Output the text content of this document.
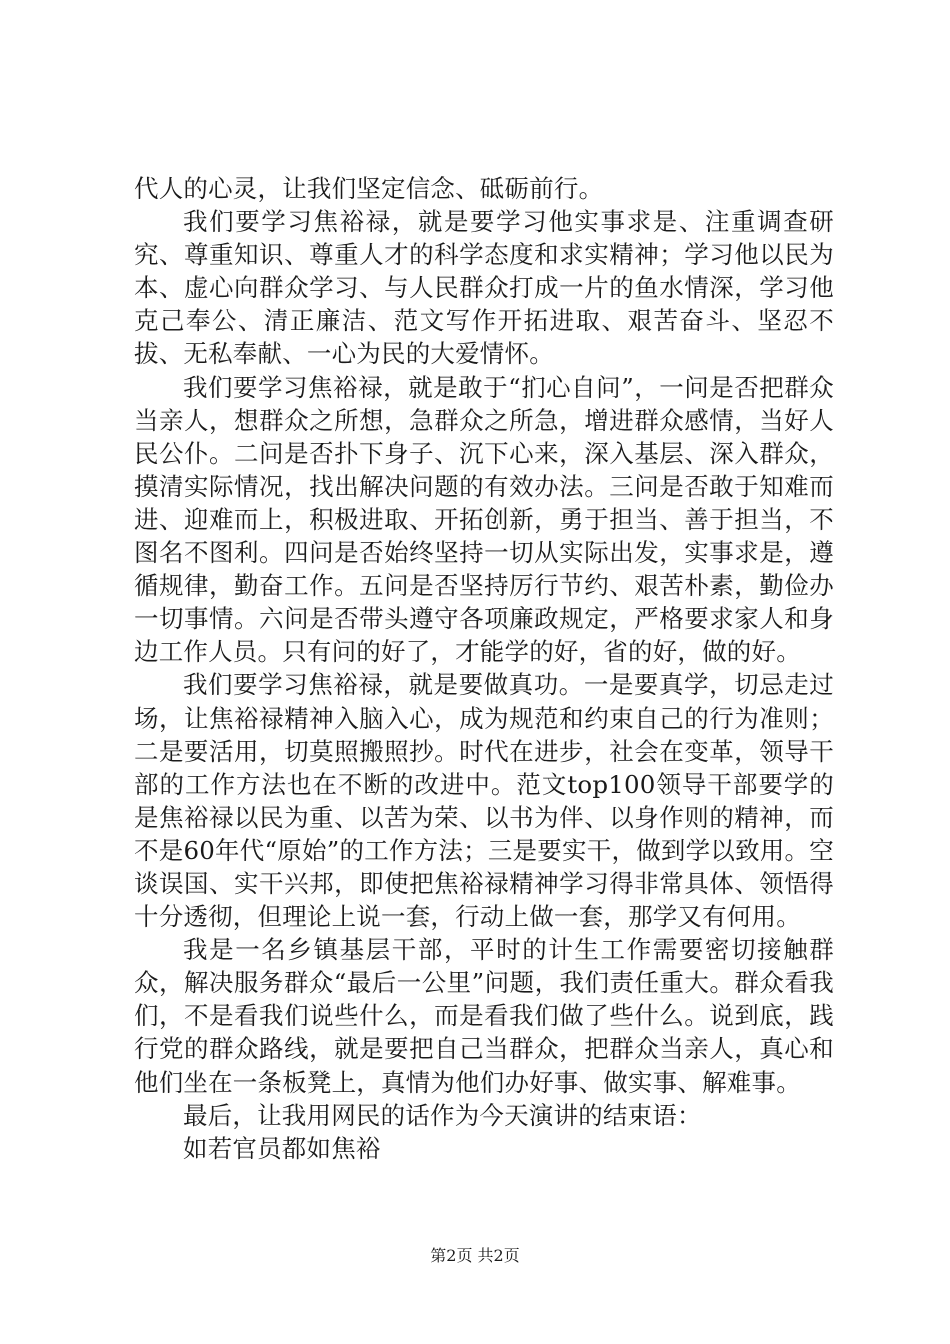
代人的心灵，让我们坚定信念、砥砺前行。

我们要学习焦裕禄，就是要学习他实事求是、注重调查研究、尊重知识、尊重人才的科学态度和求实精神；学习他以民为本、虚心向群众学习、与人民群众打成一片的鱼水情深，学习他克己奉公、清正廉洁、范文写作开拓进取、艰苦奋斗、坚忍不拔、无私奉献、一心为民的大爱情怀。

我们要学习焦裕禄，就是敢于“扪心自问”，一问是否把群众当亲人，想群众之所想，急群众之所急，增进群众感情，当好人民公仆。二问是否扑下身子、沉下心来，深入基层、深入群众，摸清实际情况，找出解决问题的有效办法。三问是否敢于知难而进、迎难而上，积极进取、开拓创新，勇于担当、善于担当，不图名不图利。四问是否始终坚持一切从实际出发，实事求是，遵循规律，勤奋工作。五问是否坚持厉行节约、艰苦朴素，勤俭办一切事情。六问是否带头遵守各项廉政规定，严格要求家人和身边工作人员。只有问的好了，才能学的好，省的好，做的好。

我们要学习焦裕禄，就是要做真功。一是要真学，切忌走过场，让焦裕禄精神入脑入心，成为规范和约束自己的行为准则；二是要活用，切莫照搬照抄。时代在进步，社会在变革，领导干部的工作方法也在不断的改进中。范文top100领导干部要学的是焦裕禄以民为重、以苦为荣、以书为伴、以身作则的精神，而不是60年代“原始”的工作方法；三是要实干，做到学以致用。空谈误国、实干兴邦，即使把焦裕禄精神学习得非常具体、领悟得十分透彻，但理论上说一套，行动上做一套，那学又有何用。

我是一名乡镇基层干部，平时的计生工作需要密切接触群众，解决服务群众“最后一公里”问题，我们责任重大。群众看我们，不是看我们说些什么，而是看我们做了些什么。说到底，践行党的群众路线，就是要把自己当群众，把群众当亲人，真心和他们坐在一条板凳上，真情为他们办好事、做实事、解难事。

最后，让我用网民的话作为今天演讲的结束语：

如若官员都如焦裕

第2页 共2页
